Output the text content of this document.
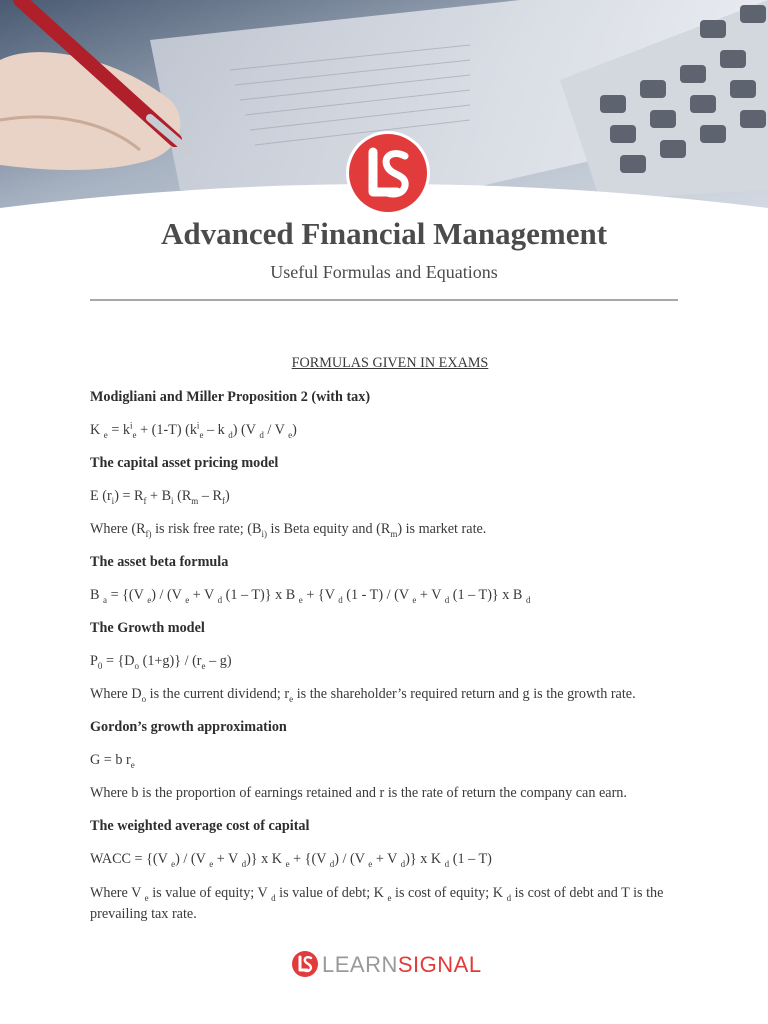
Advanced Financial Management
Useful Formulas and Equations
FORMULAS GIVEN IN EXAMS
Modigliani and Miller Proposition 2 (with tax)
K $_e = k^i_e + (1-T)$ ($k^i_e$ – k $_d$) (V $_d$ / V $_e$)
The capital asset pricing model
E $(r_i) = R_f + B_i$ $(R_m - R_f)$
Where ($R_{f)}$ is risk free rate; ($B_{i)}$ is Beta equity and $(R_m)$ is market rate.
The asset beta formula
B $_a$ = {(V $_e$) / (V $_e$ + V $_d$ (1 – T)} x B $_e$ + {V $_d$ (1 - T) / (V $_e$ + V $_d$ (1 – T)} x B $_d$
The Growth model
$P_0 = \{D_o$ $(1+g)\} / (r_e - g)$
Where $D_o$ is the current dividend; $r_e$ is the shareholder’s required return and g is the growth rate.
Gordon’s growth approximation
G = b $r_e$
Where b is the proportion of earnings retained and r is the rate of return the company can earn.
The weighted average cost of capital
WACC = {(V $_e$) / (V $_e$ + V $_d$)} x K $_e$ + {(V $_d$) / (V $_e$ + V $_d$)} x K $_d$ (1 – T)
Where V $_e$ is value of equity; V $_d$ is value of debt; K $_e$ is cost of equity; K $_d$ is cost of debt and T is the prevailing tax rate.
LEARNSIGNAL
